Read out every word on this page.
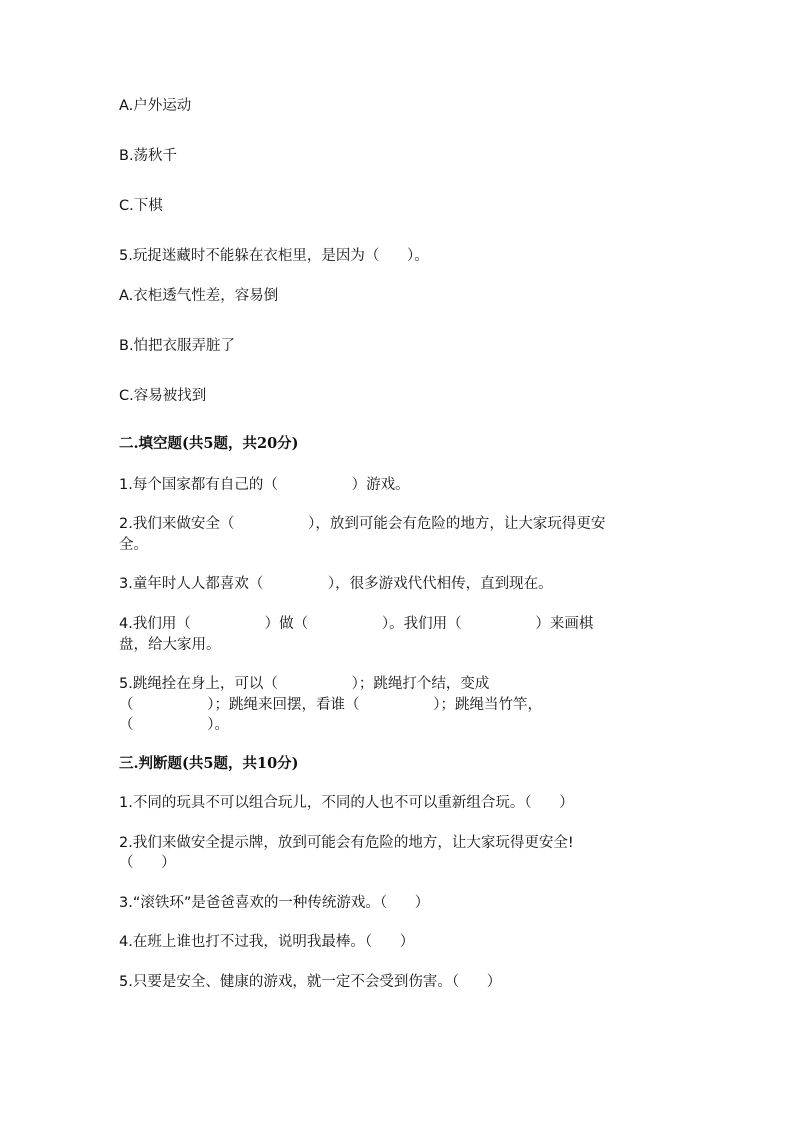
A.户外运动
B.荡秋千
C.下棋
5.玩捉迷藏时不能躲在衣柜里，是因为（      ）。
A.衣柜透气性差，容易倒
B.怕把衣服弄脏了
C.容易被找到
二.填空题(共5题，共20分)
1.每个国家都有自己的（                ）游戏。
2.我们来做安全（                ），放到可能会有危险的地方，让大家玩得更安
全。
3.童年时人人都喜欢（              ），很多游戏代代相传，直到现在。
4.我们用（                ）做（                ）。我们用（                ）来画棋
盘，给大家用。
5.跳绳拴在身上，可以（                ）；跳绳打个结，变成
（                ）；跳绳来回摆，看谁（                ）；跳绳当竹竿，
（                ）。
三.判断题(共5题，共10分)
1.不同的玩具不可以组合玩儿，不同的人也不可以重新组合玩。（      ）
2.我们来做安全提示牌，放到可能会有危险的地方，让大家玩得更安全!
（      ）
3.“滚铁环”是爸爸喜欢的一种传统游戏。（      ）
4.在班上谁也打不过我，说明我最棒。（      ）
5.只要是安全、健康的游戏，就一定不会受到伤害。（      ）
